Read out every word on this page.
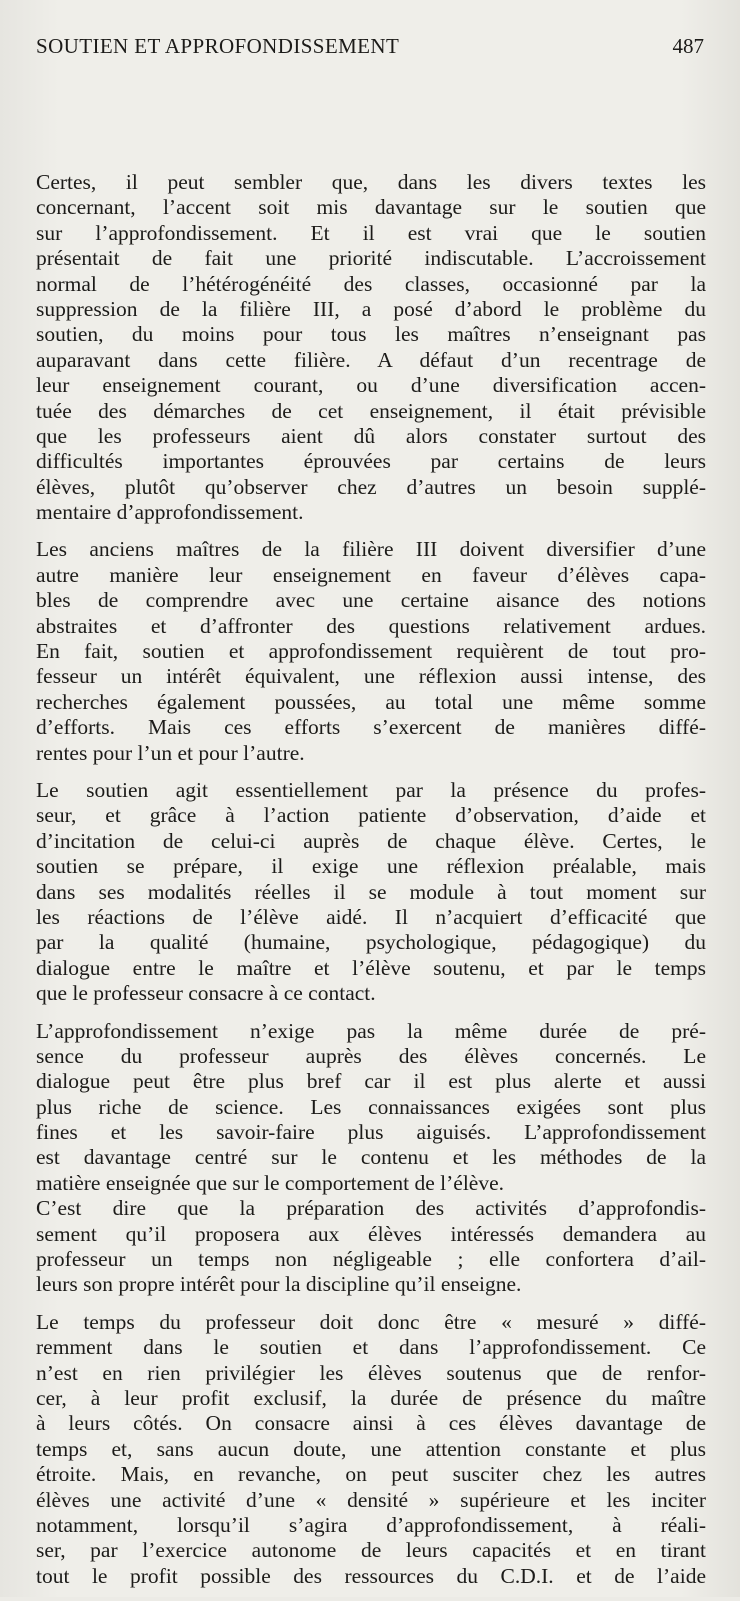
SOUTIEN ET APPROFONDISSEMENT	487

Certes, il peut sembler que, dans les divers textes les
concernant, l’accent soit mis davantage sur le soutien que
sur l’approfondissement. Et il est vrai que le soutien
présentait de fait une priorité indiscutable. L’accroissement
normal de l’hétérogénéité des classes, occasionné par la
suppression de la filière III, a posé d’abord le problème du
soutien, du moins pour tous les maîtres n’enseignant pas
auparavant dans cette filière. A défaut d’un recentrage de
leur enseignement courant, ou d’une diversification accen-
tuée des démarches de cet enseignement, il était prévisible
que les professeurs aient dû alors constater surtout des
difficultés importantes éprouvées par certains de leurs
élèves, plutôt qu’observer chez d’autres un besoin supplé-
mentaire d’approfondissement.

Les anciens maîtres de la filière III doivent diversifier d’une
autre manière leur enseignement en faveur d’élèves capa-
bles de comprendre avec une certaine aisance des notions
abstraites et d’affronter des questions relativement ardues.
En fait, soutien et approfondissement requièrent de tout pro-
fesseur un intérêt équivalent, une réflexion aussi intense, des
recherches également poussées, au total une même somme
d’efforts. Mais ces efforts s’exercent de manières diffé-
rentes pour l’un et pour l’autre.

Le soutien agit essentiellement par la présence du profes-
seur, et grâce à l’action patiente d’observation, d’aide et
d’incitation de celui-ci auprès de chaque élève. Certes, le
soutien se prépare, il exige une réflexion préalable, mais
dans ses modalités réelles il se module à tout moment sur
les réactions de l’élève aidé. Il n’acquiert d’efficacité que
par la qualité (humaine, psychologique, pédagogique) du
dialogue entre le maître et l’élève soutenu, et par le temps
que le professeur consacre à ce contact.

L’approfondissement n’exige pas la même durée de pré-
sence du professeur auprès des élèves concernés. Le
dialogue peut être plus bref car il est plus alerte et aussi
plus riche de science. Les connaissances exigées sont plus
fines et les savoir-faire plus aiguisés. L’approfondissement
est davantage centré sur le contenu et les méthodes de la
matière enseignée que sur le comportement de l’élève.

C’est dire que la préparation des activités d’approfondis-
sement qu’il proposera aux élèves intéressés demandera au
professeur un temps non négligeable ; elle confortera d’ail-
leurs son propre intérêt pour la discipline qu’il enseigne.

Le temps du professeur doit donc être « mesuré » diffé-
remment dans le soutien et dans l’approfondissement. Ce
n’est en rien privilégier les élèves soutenus que de renfor-
cer, à leur profit exclusif, la durée de présence du maître
à leurs côtés. On consacre ainsi à ces élèves davantage de
temps et, sans aucun doute, une attention constante et plus
étroite. Mais, en revanche, on peut susciter chez les autres
élèves une activité d’une « densité » supérieure et les inciter
notamment, lorsqu’il s’agira d’approfondissement, à réali-
ser, par l’exercice autonome de leurs capacités et en tirant
tout le profit possible des ressources du C.D.I. et de l’aide
